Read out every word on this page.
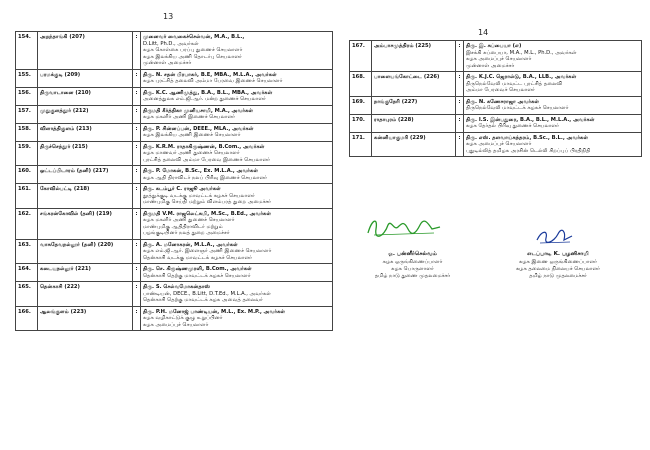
13
14
154.	அறந்தாங்கி (207)	:	முனைவர் வைகைச்செல்வன், M.A., B.L.,
D.Litt, Ph.D., அவர்கள்
கழக கொள்கை பரப்பு துணைச் செயலாளர்
கழக இலக்கிய அணி தொடர்பு செயலாளர்
முன்னாள் அமைச்சர்

155.	பரமக்குடி (209)	:	திரு. N. சதன் பிரபாகர், B.E, MBA., M.L.A., அவர்கள்
கழக புரட்சித் தலைவி அம்மா பேரவை இணைச் செயலாளர்

156.	திருவாடானை (210)	:	திரு. K.C. ஆணிமுத்து, B.A., B.L., MBA., அவர்கள்
அனைத்துலக எம்.ஜி.ஆர். மன்ற துணைச் செயலாளர்

157.	முதுகுளத்தூர் (212)	:	திருமதி கீர்த்திகா முனியசாமி, M.A., அவர்கள்
கழக மகளிர் அணி இணைச் செயலாளர்

158.	விளாத்திகுளம் (213)	:	திரு. P. சின்னப்பன், DEEE., MLA., அவர்கள்
கழக இலக்கிய அணி இணைச் செயலாளர்

159.	திருச்செந்தூர் (215)	:	திரு. K.R.M. ராதாகிருஷ்ணன், B.Com., அவர்கள்
கழக மாணவர் அணி துணைச் செயலாளர்
புரட்சித் தலைவி அம்மா பேரவை இணைச் செயலாளர்

160.	ஒட்டப்பிடாரம் (தனி) (217)	:	திரு. P. மோகன், B.Sc., Ex. M.L.A., அவர்கள்
கழக ஆதி திராவிடர் நலப் பிரிவு இணைச் செயலாளர்

161.	கோவில்பட்டி (218)	:	திரு. கடம்பூர் C. ராஜூ அவர்கள்
தூத்துக்குடி வடக்கு மாவட்டக் கழகச் செயலாளர்
மாண்புமிகு செய்தி மற்றும் விளம்பரத் துறை அமைச்சர்

162.	சங்கரன்கோவில் (தனி) (219)	:	திருமதி V.M. ராஜலெட்சுமி, M.Sc., B.Ed., அவர்கள்
கழக மகளிர் அணி துணைச் செயலாளர்
மாண்புமிகு ஆதிதிராவிடர் மற்றும்
பழங்குடியினர் நலத் துறை அமைச்சர்

163.	வாசுதேவநல்லூர் (தனி) (220)	:	திரு. A. மனோகரன், M.L.A., அவர்கள்
கழக எம்.ஜி.ஆர். இளைஞர் அணி இணைச் செயலாளர்
தென்காசி வடக்கு மாவட்டக் கழகச் செயலாளர்

164.	கடையநல்லூர் (221)	:	திரு. செ. கிருஷ்ணமுரளி, B.Com., அவர்கள்
தென்காசி தெற்கு மாவட்டக் கழகச் செயலாளர்

165.	தென்காசி (222)	:	திரு. S. செல்வமோகன்தாஸ்
பாண்டியன், DECE., B.Litt, D.T.Ed., M.L.A., அவர்கள்
தென்காசி தெற்கு மாவட்டக் கழக அவைத் தலைவர்

166.	ஆலங்குளம் (223)	:	திரு. P.H. மனோஜ் பாண்டியன், M.L., Ex. M.P., அவர்கள்
கழக வழிகாட்டுக் குழு உறுப்பினர்
கழக அமைப்புச் செயலாளர்
167.	அம்பாசமுத்திரம் (225)	:	திரு. இ. சுப்பையா (எ)
இசக்கி சுப்பையா, M.A., M.L., Ph.D., அவர்கள்
கழக அமைப்புச் செயலாளர்
முன்னாள் அமைச்சர்

168.	பாளையங்கோட்டை (226)	:	திரு. K.J.C. ஜெரால்டு, B.A., LLB., அவர்கள்
திருநெல்வேலி மாவட்ட புரட்சித் தலைவி
அம்மா பேரவைச் செயலாளர்

169.	நாங்குநேரி (227)	:	திரு. N. கணேசராஜா அவர்கள்
திருநெல்வேலி மாவட்டக் கழகச் செயலாளர்

170.	ராதாபுரம் (228)	:	திரு. I.S. இன்பதுரை, B.A., B.L., M.L.A., அவர்கள்
கழக தேர்தல் பிரிவு துணைச் செயலாளர்

171.	கன்னியாகுமரி (229)	:	திரு. எஸ். தளவாய்சுந்தரம், B.Sc., B.L., அவர்கள்
கழக அமைப்புச் செயலாளர்
புதுடில்லித் தமிழக அரசின் டெல்லி சிறப்புப் பிரதிநிதி
ஓ. பன்னீர்செல்வம்
கழக ஒருங்கிணைப்பாளர்
கழக பொருளாளர்
தமிழ் நாடு துணை முதலமைச்சர்
எடப்பாடி K. பழனிசாமி
கழக இணை ஒருங்கிணைப்பாளர்
கழக தலைமை நிலையச் செயலாளர்
தமிழ் நாடு முதலமைச்சர்
